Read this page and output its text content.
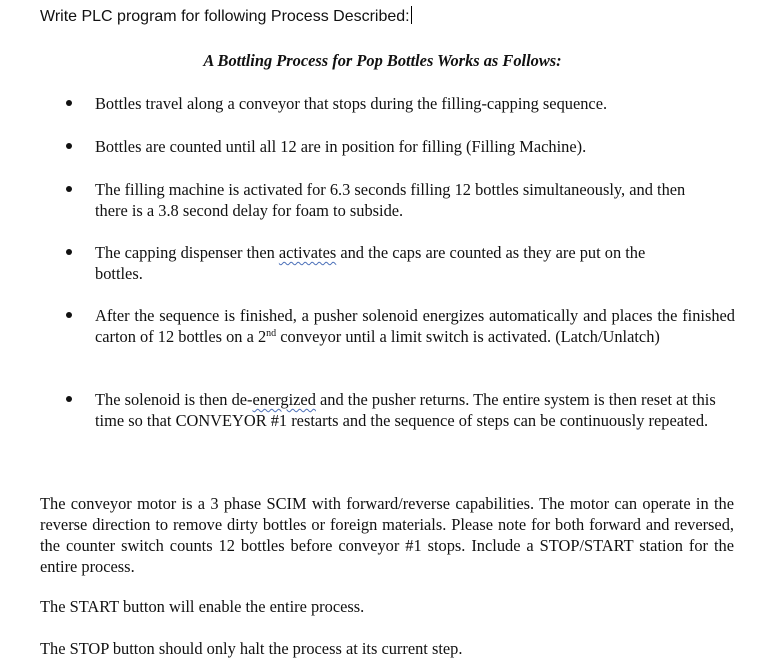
Write PLC program for following Process Described:
A Bottling Process for Pop Bottles Works as Follows:
Bottles travel along a conveyor that stops during the filling-capping sequence.
Bottles are counted until all 12 are in position for filling (Filling Machine).
The filling machine is activated for 6.3 seconds filling 12 bottles simultaneously, and then there is a 3.8 second delay for foam to subside.
The capping dispenser then activates and the caps are counted as they are put on the bottles.
After the sequence is finished, a pusher solenoid energizes automatically and places the finished carton of 12 bottles on a 2nd conveyor until a limit switch is activated. (Latch/Unlatch)
The solenoid is then de-energized and the pusher returns. The entire system is then reset at this time so that CONVEYOR #1 restarts and the sequence of steps can be continuously repeated.
The conveyor motor is a 3 phase SCIM with forward/reverse capabilities. The motor can operate in the reverse direction to remove dirty bottles or foreign materials. Please note for both forward and reversed, the counter switch counts 12 bottles before conveyor #1 stops. Include a STOP/START station for the entire process.
The START button will enable the entire process.
The STOP button should only halt the process at its current step.
